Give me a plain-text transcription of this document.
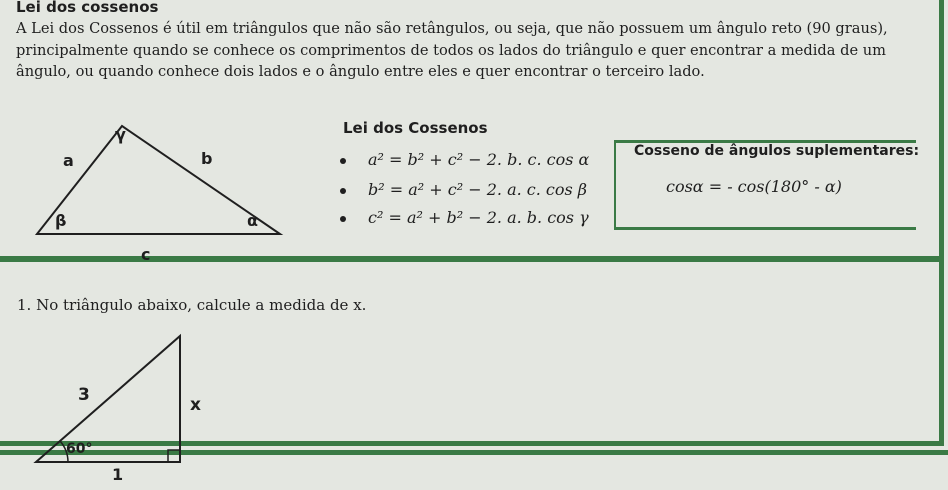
Lei dos cossenos
A Lei dos Cossenos é útil em triângulos que não são retângulos, ou seja, que não possuem um ângulo reto (90 graus), principalmente quando se conhece os comprimentos de todos os lados do triângulo e quer encontrar a medida de um ângulo, ou quando conhece dois lados e o ângulo entre eles e quer encontrar o terceiro lado.
γ
a	b
β	α
c
Lei dos Cossenos
a² = b² + c² − 2. b. c. cos α
b² = a² + c² − 2. a. c. cos β
c² = a² + b² − 2. a. b. cos γ
Cosseno de ângulos suplementares:
cosα = - cos(180° - α)
1. No triângulo abaixo, calcule a medida de x.
3	x
60°
1
